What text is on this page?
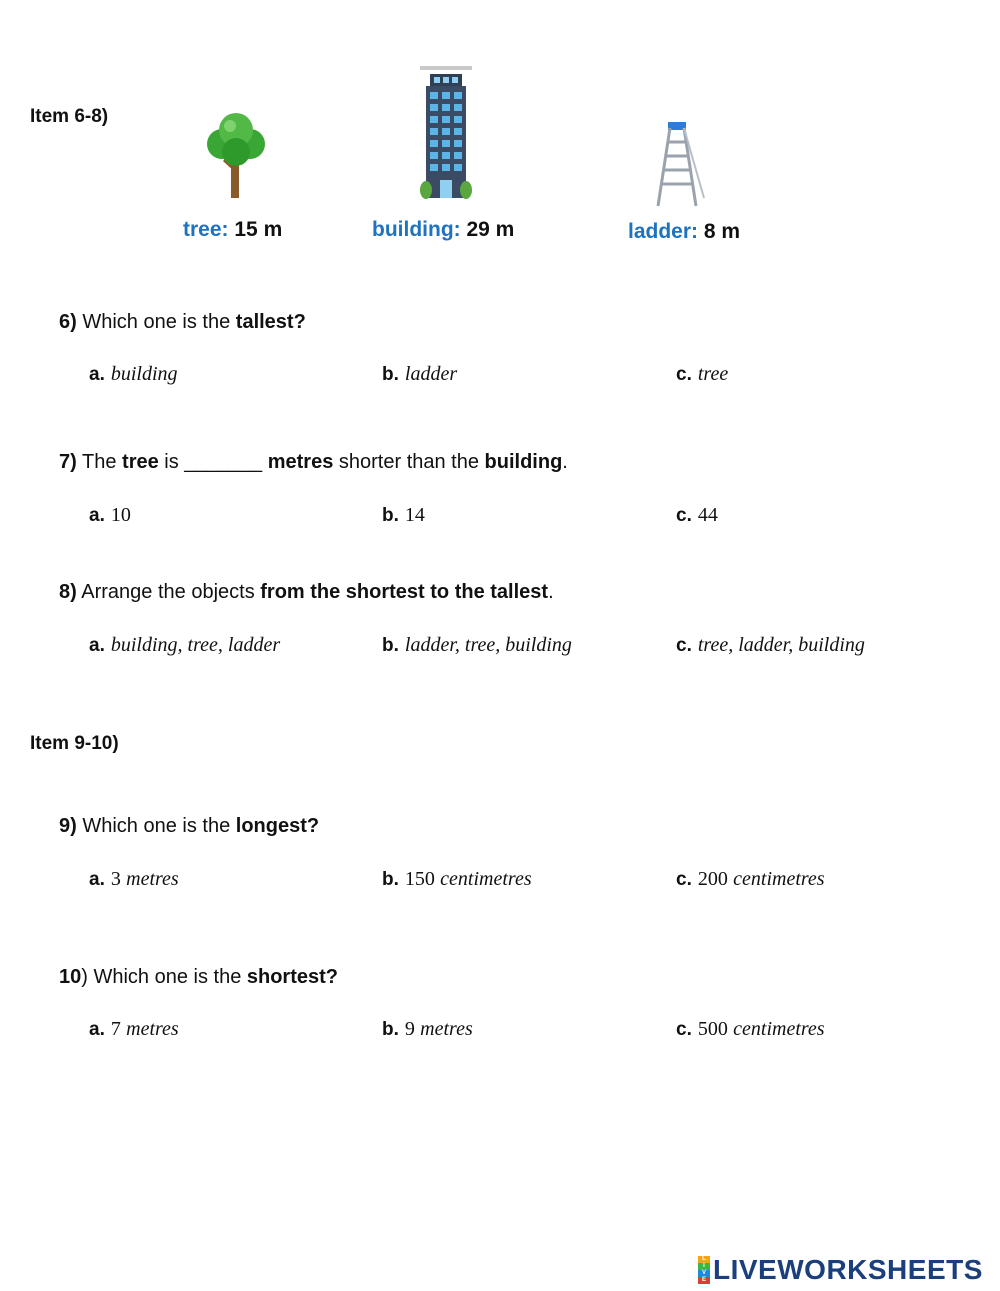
Item 6-8)
tree: 15 m	building: 29 m	ladder: 8 m
6) Which one is the tallest?
a. building	b. ladder	c. tree
7) The tree is _______ metres shorter than the building.
a. 10	b. 14	c. 44
8) Arrange the objects from the shortest to the tallest.
a. building, tree, ladder	b. ladder, tree, building	c. tree, ladder, building
Item 9-10)
9) Which one is the longest?
a. 3 metres	b. 150 centimetres	c. 200 centimetres
10) Which one is the shortest?
a. 7 metres	b. 9 metres	c. 500 centimetres
L
I
V
E LIVEWORKSHEETS
